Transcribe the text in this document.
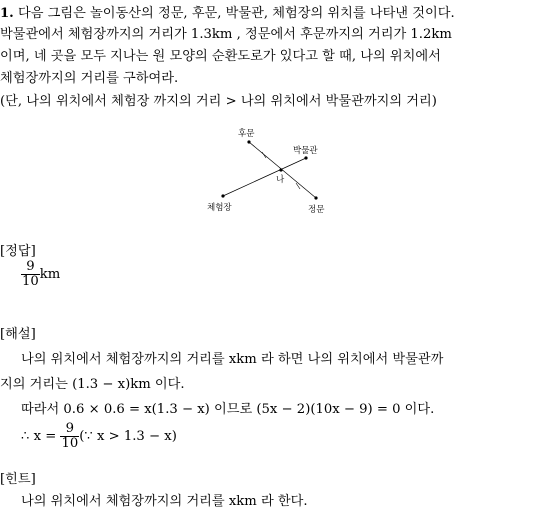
1. 다음 그림은 놀이동산의 정문, 후문, 박물관, 체험장의 위치를 나타낸 것이다.
박물관에서 체험장까지의 거리가 1.3km , 정문에서 후문까지의 거리가 1.2km
이며, 네 곳을 모두 지나는 원 모양의 순환도로가 있다고 할 때, 나의 위치에서
체험장까지의 거리를 구하여라.
(단, 나의 위치에서 체험장 까지의 거리 > 나의 위치에서 박물관까지의 거리)
후문
박물관
체험장	정문
나
[정답]
$\frac{9}{10}$ km
[해설]
나의 위치에서 체험장까지의 거리를 xkm 라 하면 나의 위치에서 박물관까
지의 거리는 (1.3 − x)km 이다.
따라서 0.6 × 0.6 = x(1.3 − x) 이므로 (5x − 2)(10x − 9) = 0 이다.
∴ $x = \frac{9}{10}$ (∵ x > 1.3 − x)
[힌트]
나의 위치에서 체험장까지의 거리를 xkm 라 한다.
